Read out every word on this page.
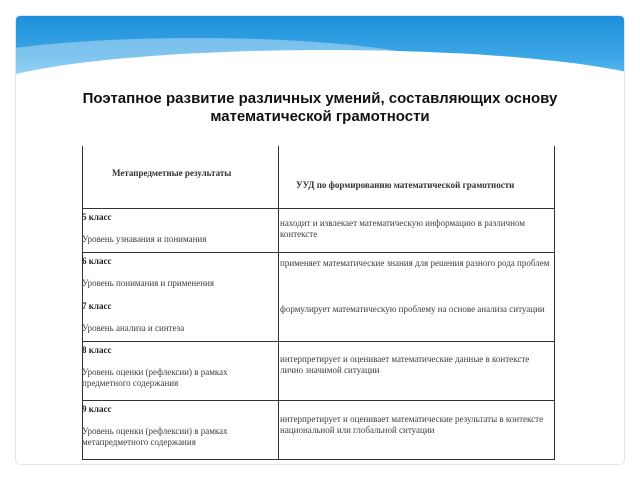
Поэтапное развитие различных умений, составляющих основу математической грамотности
Метапредметные результаты
УУД по формированию математической грамотности
5 класс

Уровень узнавания и понимания
находит и извлекает математическую информацию в различном контексте
6 класс

Уровень понимания и применения
7 класс

Уровень анализа и синтеза
применяет математические знания для решения разного рода проблем
формулирует математическую проблему на основе анализа ситуации
8 класс

Уровень оценки (рефлексии) в рамках предметного содержания
интерпретирует и оценивает математические данные в контексте лично значимой ситуации
9 класс

Уровень оценки (рефлексии) в рамках метапредметного содержания
интерпретирует и оценивает математические результаты в контексте национальной или глобальной ситуации
